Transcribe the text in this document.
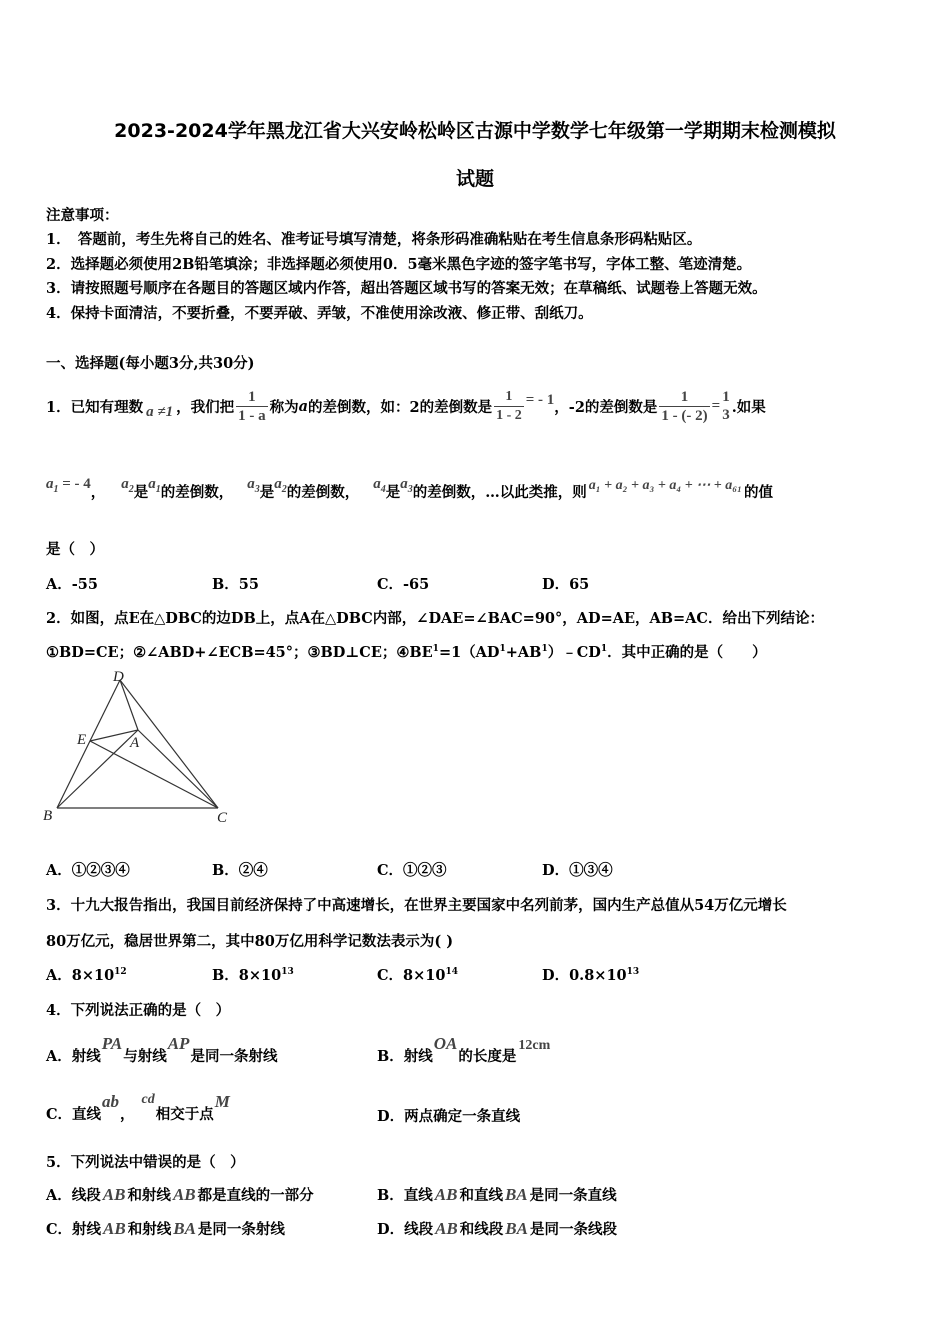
2023-2024学年黑龙江省大兴安岭松岭区古源中学数学七年级第一学期期末检测模拟
试题
注意事项：
1．　答题前，考生先将自己的姓名、准考证号填写清楚，将条形码准确粘贴在考生信息条形码粘贴区。
2．选择题必须使用2B铅笔填涂；非选择题必须使用0．5毫米黑色字迹的签字笔书写，字体工整、笔迹清楚。
3．请按照题号顺序在各题目的答题区域内作答，超出答题区域书写的答案无效；在草稿纸、试题卷上答题无效。
4．保持卡面清洁，不要折叠，不要弄破、弄皱，不准使用涂改液、修正带、刮纸刀。
一、选择题(每小题3分,共30分)
1．已知有理数 a ≠1 ，我们把 $\frac{1}{1 - a}$ 称为 a 的差倒数，如：2的差倒数是 $\frac{1}{1 - 2}$ = - 1 ，-2的差倒数是 $\frac{1}{1 - (- 2)}$ =
1
3 .如果
$a_1$ = - 4 ， $a_2$ 是 $a_1$ 的差倒数， $a_3$ 是 $a_2$ 的差倒数， $a_4$ 是 $a_3$ 的差倒数，…以此类推，则 a₁ + a₂ + a₃ + a₄ + ⋯ + a₆₁ 的值
是（　）
A．-55	B．55	C．-65	D．65
2．如图，点E在△DBC的边DB上，点A在△DBC内部，∠DAE=∠BAC=90°，AD=AE，AB=AC．给出下列结论：
①BD=CE；②∠ABD+∠ECB=45°；③BD⊥CE；$④BE^1=1(AD^1+AB^1)﹣CD^1$．其中正确的是（　　）
D
E	A
B	C
A．①②③④	B．②④	C．①②③	D．①③④
3．十九大报告指出，我国目前经济保持了中高速增长，在世界主要国家中名列前茅，国内生产总值从54万亿元增长
80万亿元，稳居世界第二，其中80万亿用科学记数法表示为( )
A．$8\times 10^{12}$	B．$8\times 10^{13}$	C．$8\times 10^{14}$	D．$0.8\times 10^{13}$
4．下列说法正确的是（　）
A．射线
PA
与射线
AP
是同一条射线	B．射线
OA
的长度是
12cm
C．直线
ab
，
cd
相交于点
M
D．两点确定一条直线
5．下列说法中错误的是（　）
A．线段 AB 和射线 AB 都是直线的一部分	B．直线 AB 和直线 BA 是同一条直线
C．射线 AB 和射线 BA 是同一条射线	D．线段 AB 和线段 BA 是同一条线段
